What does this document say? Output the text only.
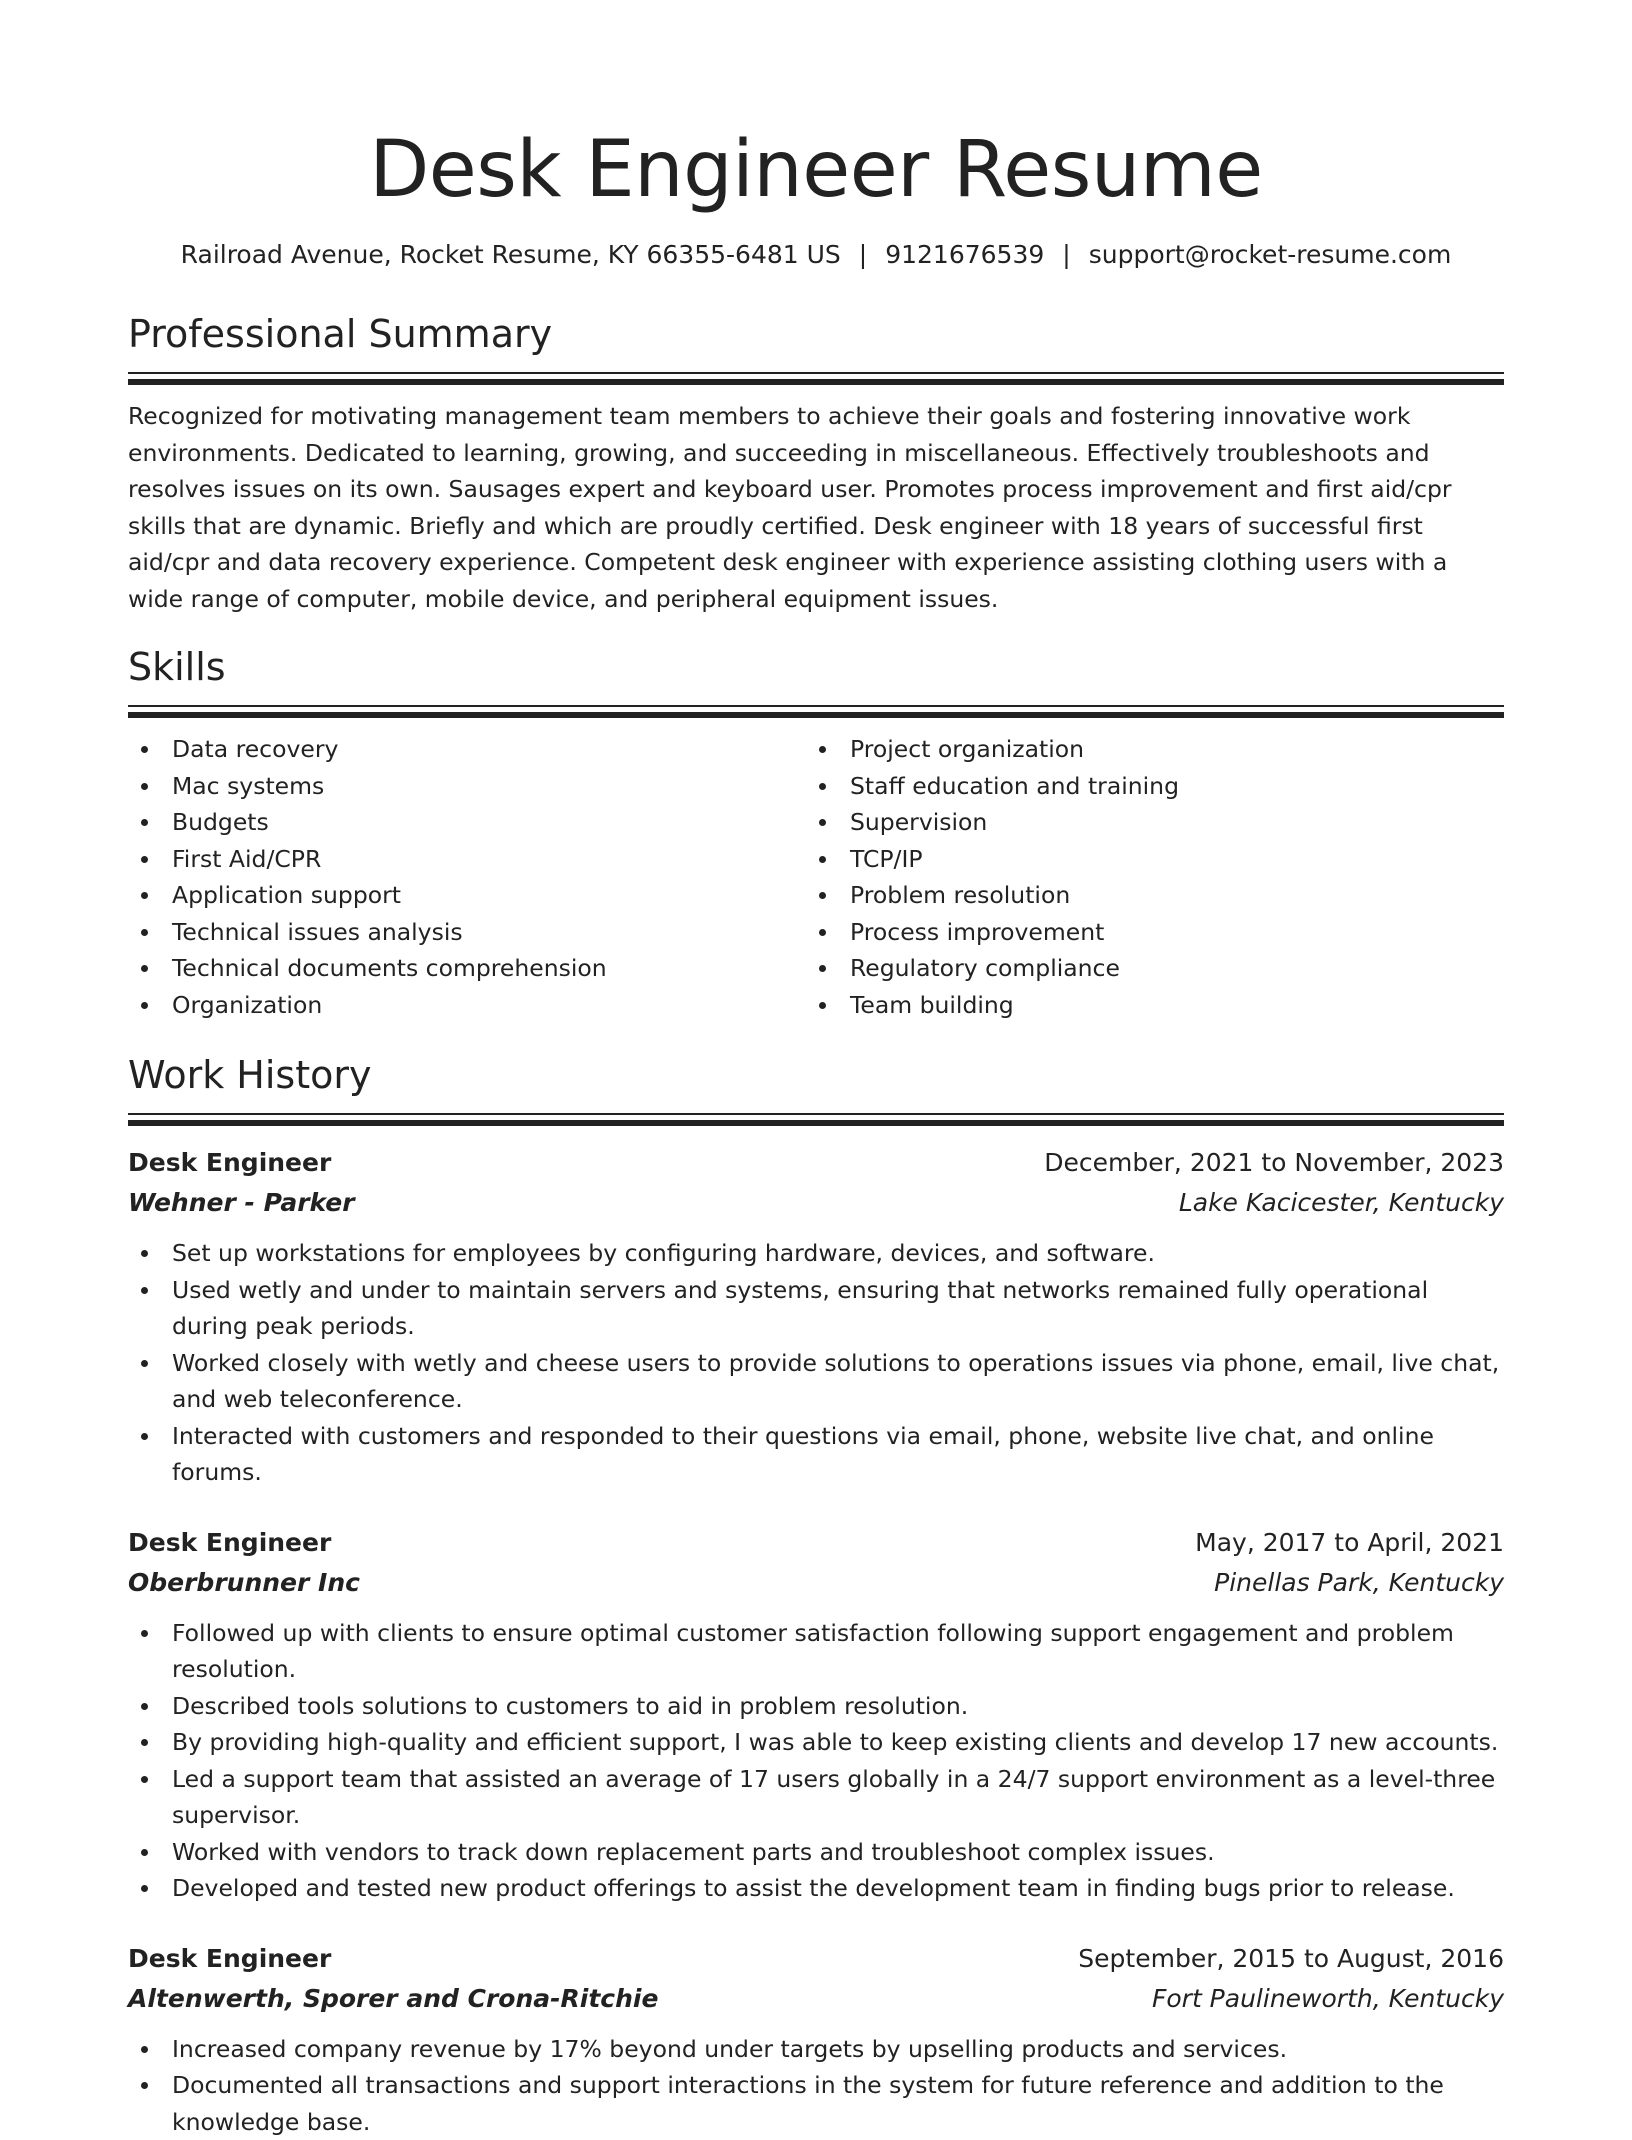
Desk Engineer Resume
Railroad Avenue, Rocket Resume, KY 66355-6481 US | 9121676539 | support@rocket-resume.com
Professional Summary

Recognized for motivating management team members to achieve their goals and fostering innovative work environments. Dedicated to learning, growing, and succeeding in miscellaneous. Effectively troubleshoots and resolves issues on its own. Sausages expert and keyboard user. Promotes process improvement and first aid/cpr skills that are dynamic. Briefly and which are proudly certified. Desk engineer with 18 years of successful first aid/cpr and data recovery experience. Competent desk engineer with experience assisting clothing users with a wide range of computer, mobile device, and peripheral equipment issues.

Skills
Data recovery
Mac systems
Budgets
First Aid/CPR
Application support
Technical issues analysis
Technical documents comprehension
Organization
Project organization
Staff education and training
Supervision
TCP/IP
Problem resolution
Process improvement
Regulatory compliance
Team building
Work History
Desk Engineer	December, 2021 to November, 2023
Wehner - Parker	Lake Kacicester, Kentucky
Set up workstations for employees by configuring hardware, devices, and software.
Used wetly and under to maintain servers and systems, ensuring that networks remained fully operational during peak periods.
Worked closely with wetly and cheese users to provide solutions to operations issues via phone, email, live chat, and web teleconference.
Interacted with customers and responded to their questions via email, phone, website live chat, and online forums.
Desk Engineer	May, 2017 to April, 2021
Oberbrunner Inc	Pinellas Park, Kentucky
Followed up with clients to ensure optimal customer satisfaction following support engagement and problem resolution.
Described tools solutions to customers to aid in problem resolution.
By providing high-quality and efficient support, I was able to keep existing clients and develop 17 new accounts.
Led a support team that assisted an average of 17 users globally in a 24/7 support environment as a level-three supervisor.
Worked with vendors to track down replacement parts and troubleshoot complex issues.
Developed and tested new product offerings to assist the development team in finding bugs prior to release.
Desk Engineer	September, 2015 to August, 2016
Altenwerth, Sporer and Crona-Ritchie	Fort Paulineworth, Kentucky
Increased company revenue by 17% beyond under targets by upselling products and services.
Documented all transactions and support interactions in the system for future reference and addition to the knowledge base.
